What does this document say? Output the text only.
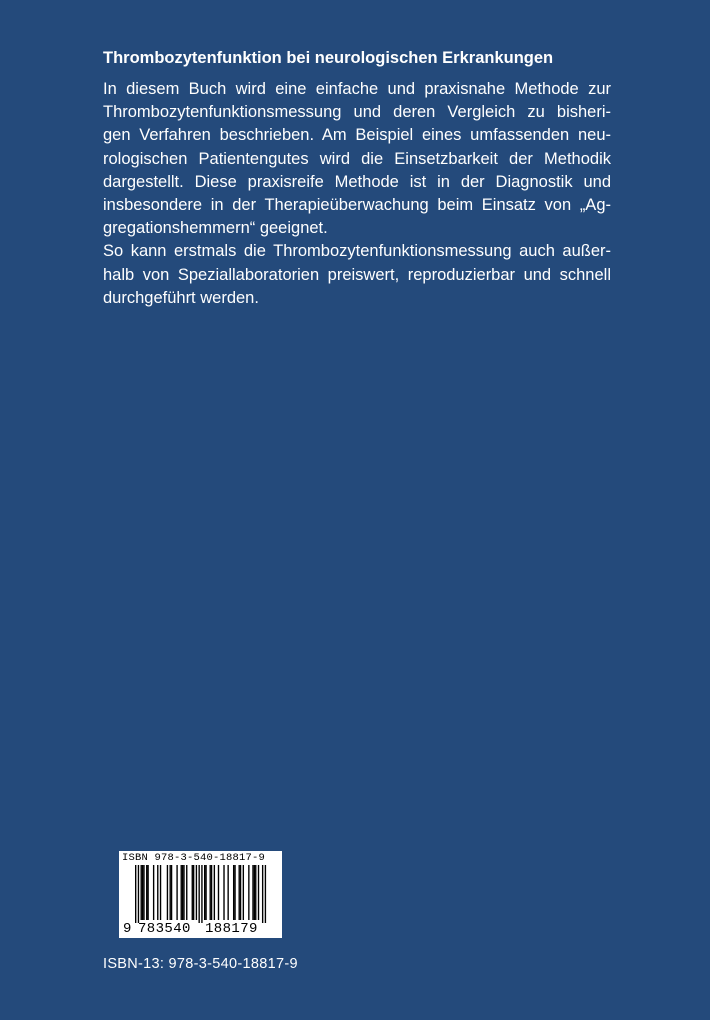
Thrombozytenfunktion bei neurologischen Erkrankungen

In diesem Buch wird eine einfache und praxisnahe Methode zur
Thrombozytenfunktionsmessung und deren Vergleich zu bisheri-
gen Verfahren beschrieben. Am Beispiel eines umfassenden neu-
rologischen Patientengutes wird die Einsetzbarkeit der Methodik
dargestellt. Diese praxisreife Methode ist in der Diagnostik und
insbesondere in der Therapieüberwachung beim Einsatz von „Ag-
gregationshemmern“ geeignet.
So kann erstmals die Thrombozytenfunktionsmessung auch außer-
halb von Speziallaboratorien preiswert, reproduzierbar und schnell
durchgeführt werden.

ISBN 978-3-540-18817-9
9 783540 188179
ISBN-13: 978-3-540-18817-9
